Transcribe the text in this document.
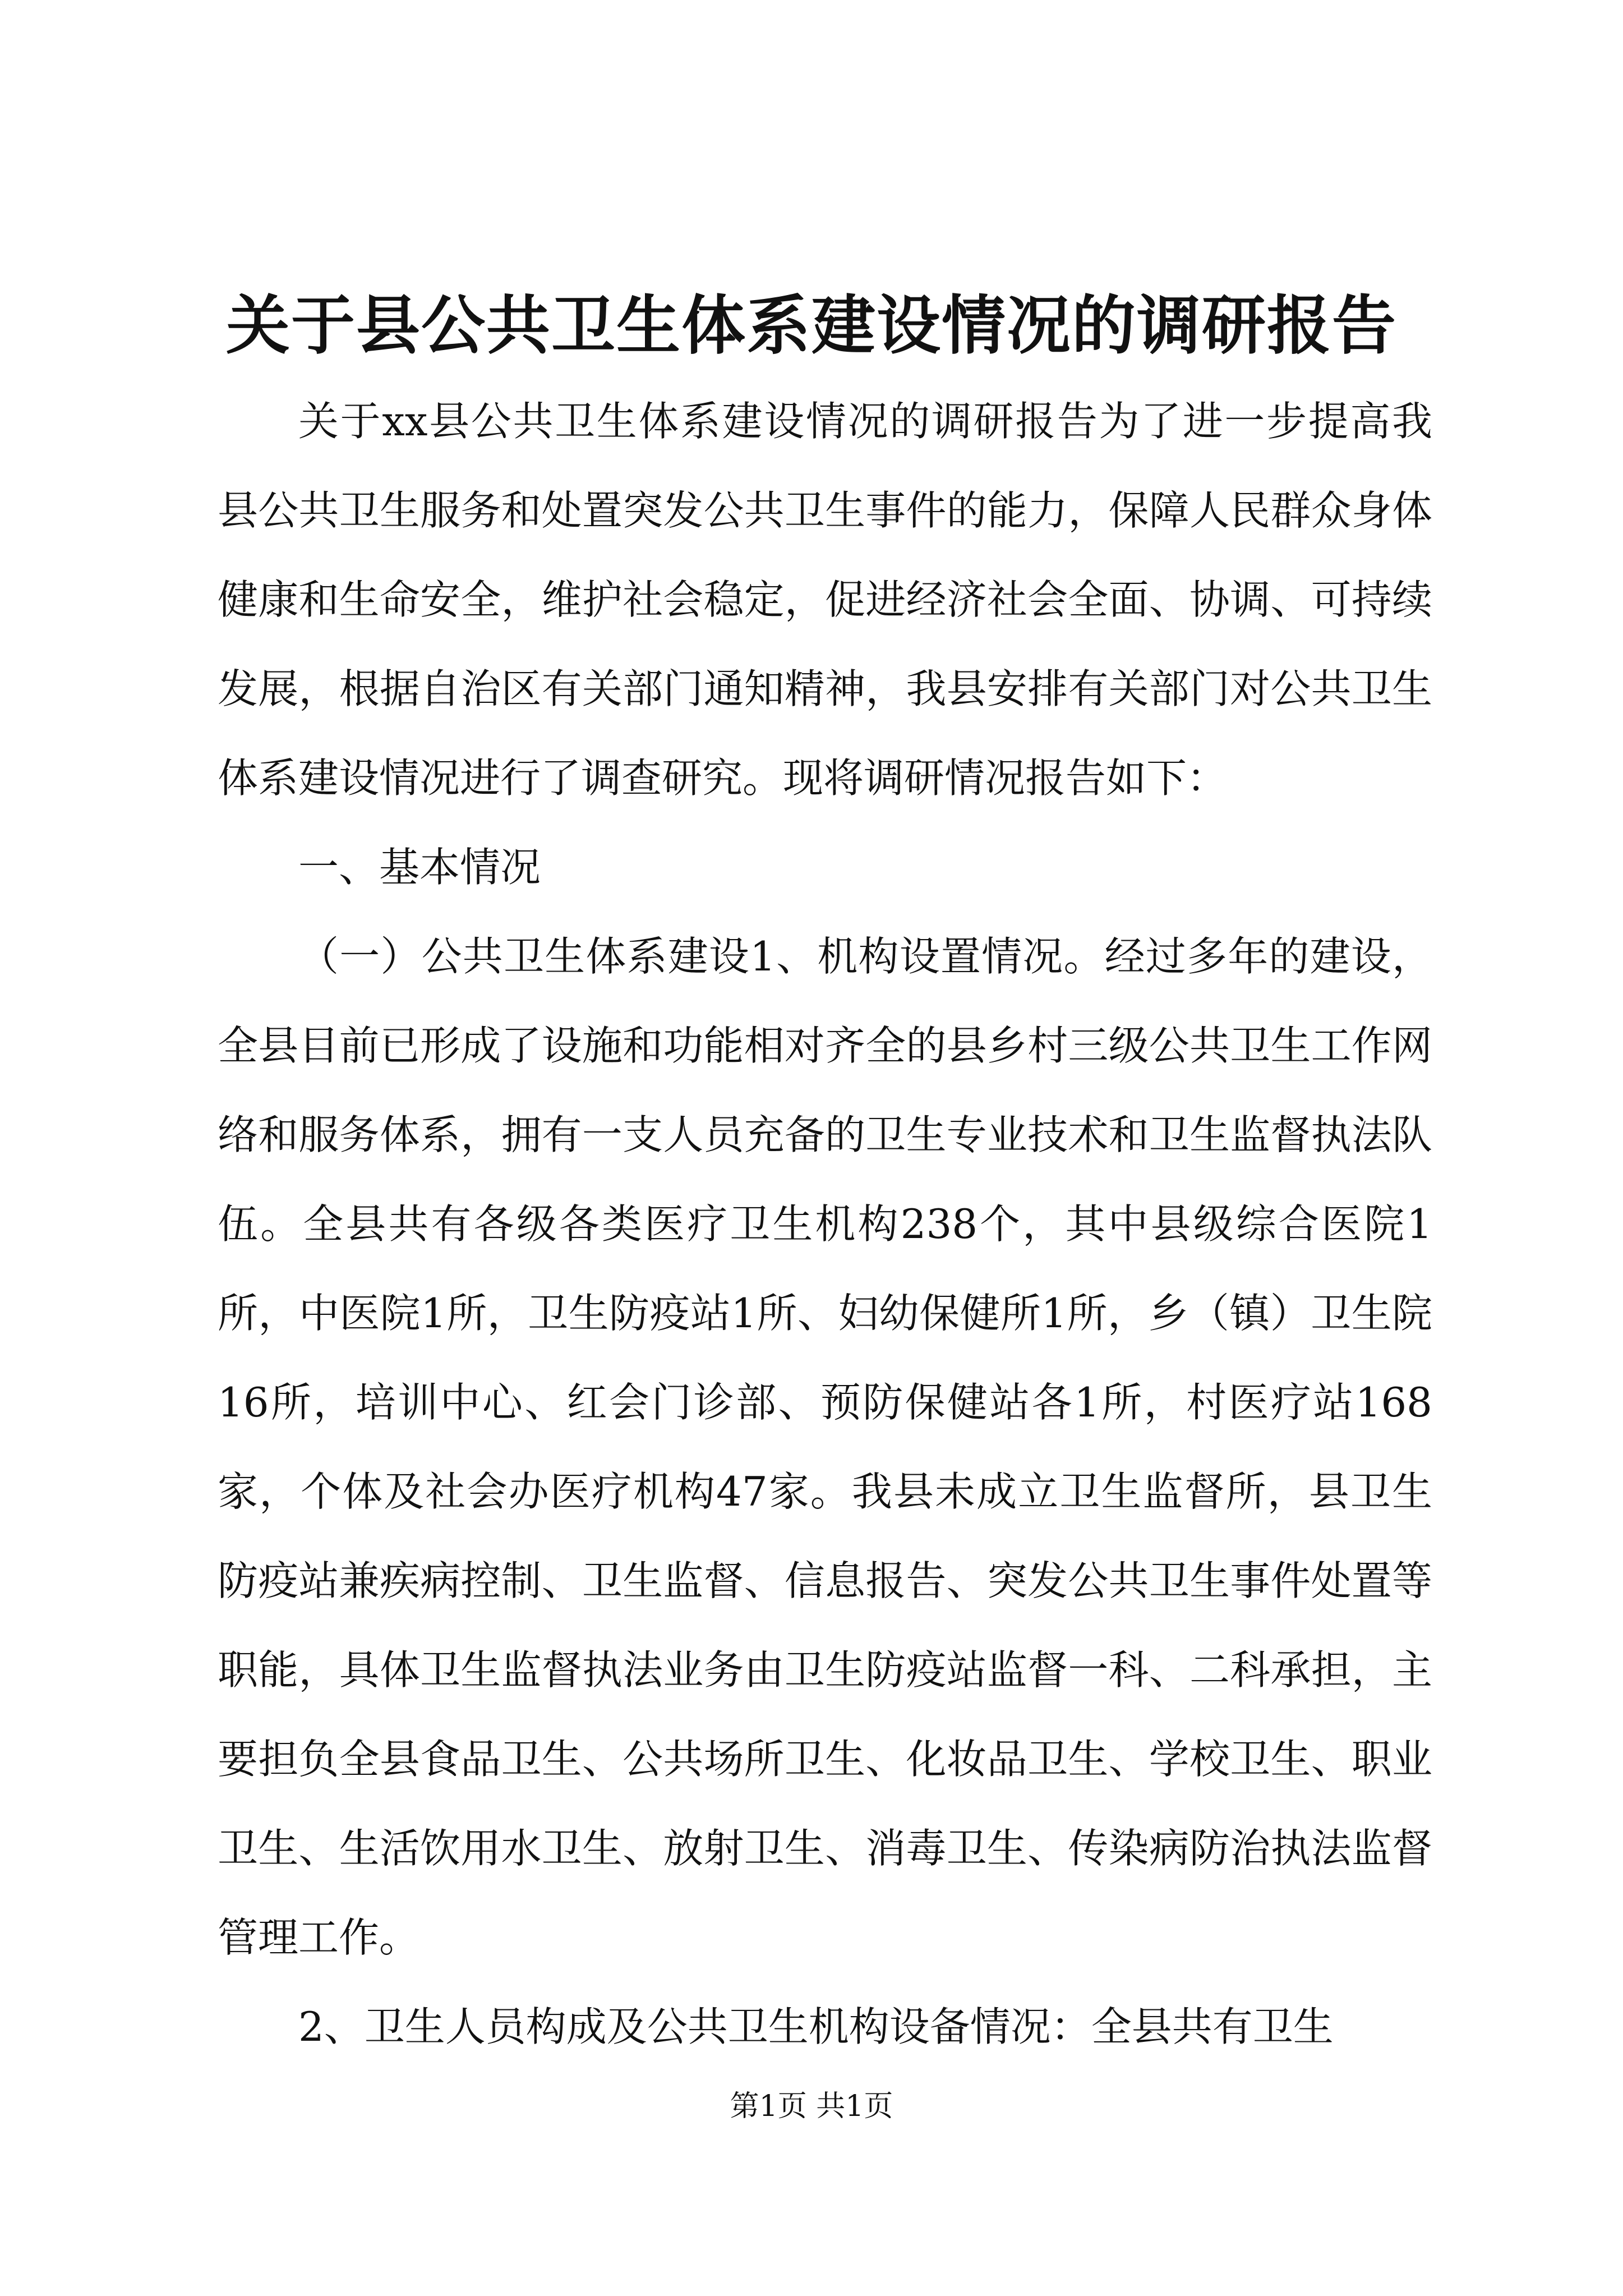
关于县公共卫生体系建设情况的调研报告

关于xx县公共卫生体系建设情况的调研报告为了进一步提高我县公共卫生服务和处置突发公共卫生事件的能力，保障人民群众身体健康和生命安全，维护社会稳定，促进经济社会全面、协调、可持续发展，根据自治区有关部门通知精神，我县安排有关部门对公共卫生体系建设情况进行了调查研究。现将调研情况报告如下：

一、基本情况

（一）公共卫生体系建设1、机构设置情况。经过多年的建设，全县目前已形成了设施和功能相对齐全的县乡村三级公共卫生工作网络和服务体系，拥有一支人员充备的卫生专业技术和卫生监督执法队伍。全县共有各级各类医疗卫生机构238个，其中县级综合医院1所，中医院1所，卫生防疫站1所、妇幼保健所1所，乡（镇）卫生院16所，培训中心、红会门诊部、预防保健站各1所，村医疗站168家，个体及社会办医疗机构47家。我县未成立卫生监督所，县卫生防疫站兼疾病控制、卫生监督、信息报告、突发公共卫生事件处置等职能，具体卫生监督执法业务由卫生防疫站监督一科、二科承担，主要担负全县食品卫生、公共场所卫生、化妆品卫生、学校卫生、职业卫生、生活饮用水卫生、放射卫生、消毒卫生、传染病防治执法监督管理工作。

2、卫生人员构成及公共卫生机构设备情况：全县共有卫生

第1页 共1页
